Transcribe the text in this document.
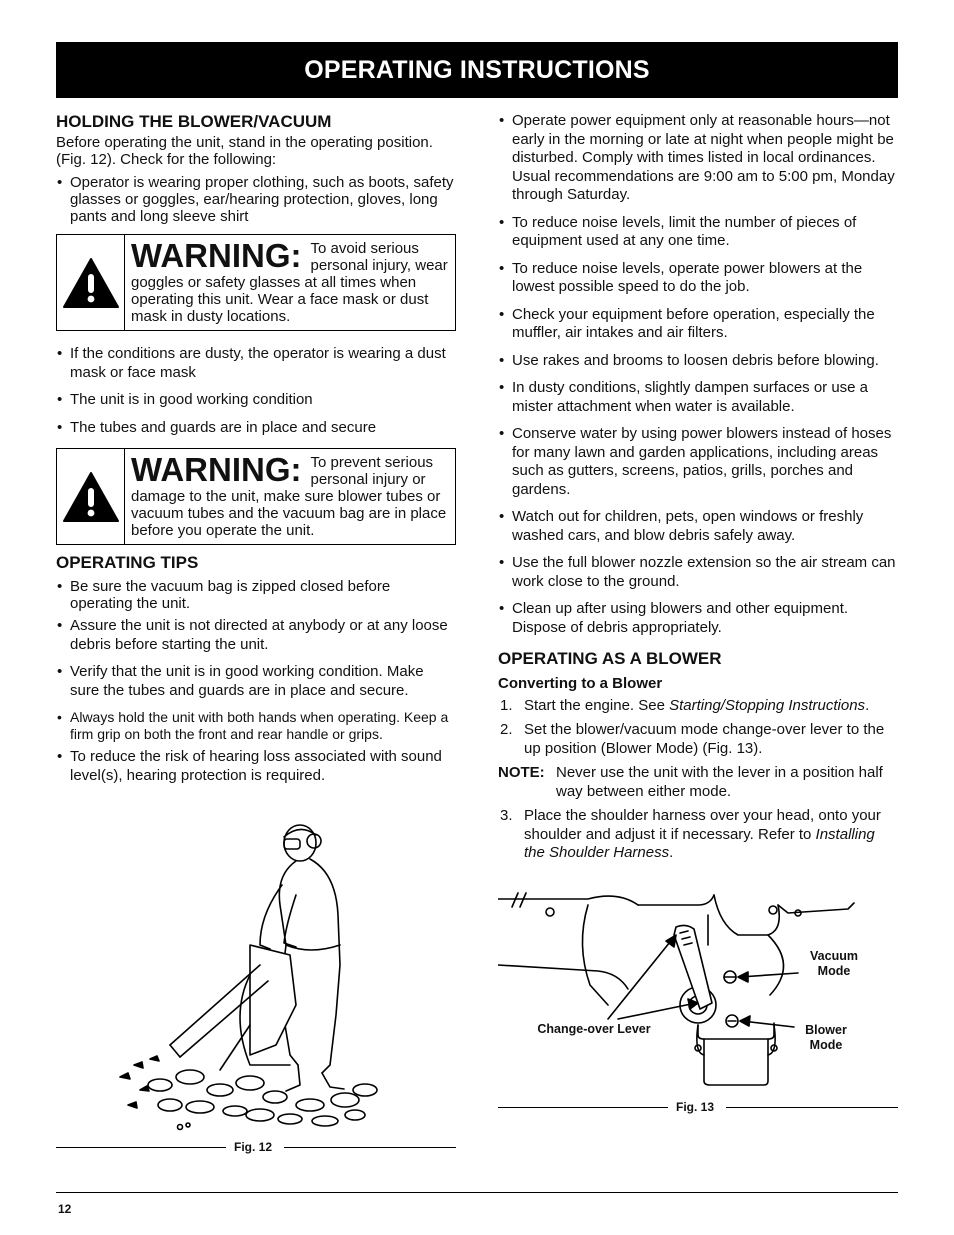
OPERATING INSTRUCTIONS
HOLDING THE BLOWER/VACUUM

Before operating the unit, stand in the operating position. (Fig. 12). Check for the following:

• Operator is wearing proper clothing, such as boots, safety glasses or goggles, ear/hearing protection, gloves, long pants and long sleeve shirt
WARNING: To avoid serious personal injury, wear goggles or safety glasses at all times when operating this unit. Wear a face mask or dust mask in dusty locations.
• If the conditions are dusty, the operator is wearing a dust mask or face mask
• The unit is in good working condition
• The tubes and guards are in place and secure
WARNING: To prevent serious personal injury or damage to the unit, make sure blower tubes or vacuum tubes and the vacuum bag are in place before you operate the unit.
OPERATING TIPS
• Be sure the vacuum bag is zipped closed before operating the unit.
• Assure the unit is not directed at anybody or at any loose debris before starting the unit.
• Verify that the unit is in good working condition. Make sure the tubes and guards are in place and secure.
• Always hold the unit with both hands when operating. Keep a firm grip on both the front and rear handle or grips.
• To reduce the risk of hearing loss associated with sound level(s), hearing protection is required.
Fig. 12
• Operate power equipment only at reasonable hours—not early in the morning or late at night when people might be disturbed. Comply with times listed in local ordinances. Usual recommendations are 9:00 am to 5:00 pm, Monday through Saturday.
• To reduce noise levels, limit the number of pieces of equipment used at any one time.
• To reduce noise levels, operate power blowers at the lowest possible speed to do the job.
• Check your equipment before operation, especially the muffler, air intakes and air filters.
• Use rakes and brooms to loosen debris before blowing.
• In dusty conditions, slightly dampen surfaces or use a mister attachment when water is available.
• Conserve water by using power blowers instead of hoses for many lawn and garden applications, including areas such as gutters, screens, patios, grills, porches and gardens.
• Watch out for children, pets, open windows or freshly washed cars, and blow debris safely away.
• Use the full blower nozzle extension so the air stream can work close to the ground.
• Clean up after using blowers and other equipment. Dispose of debris appropriately.
OPERATING AS A BLOWER
Converting to a Blower
1. Start the engine. See Starting/Stopping Instructions.
2. Set the blower/vacuum mode change-over lever to the up position (Blower Mode) (Fig. 13).
NOTE: Never use the unit with the lever in a position half way between either mode.
3. Place the shoulder harness over your head, onto your shoulder and adjust it if necessary. Refer to Installing the Shoulder Harness.
Vacuum
Mode
Blower
Mode
Change-over Lever
Fig. 13
12
